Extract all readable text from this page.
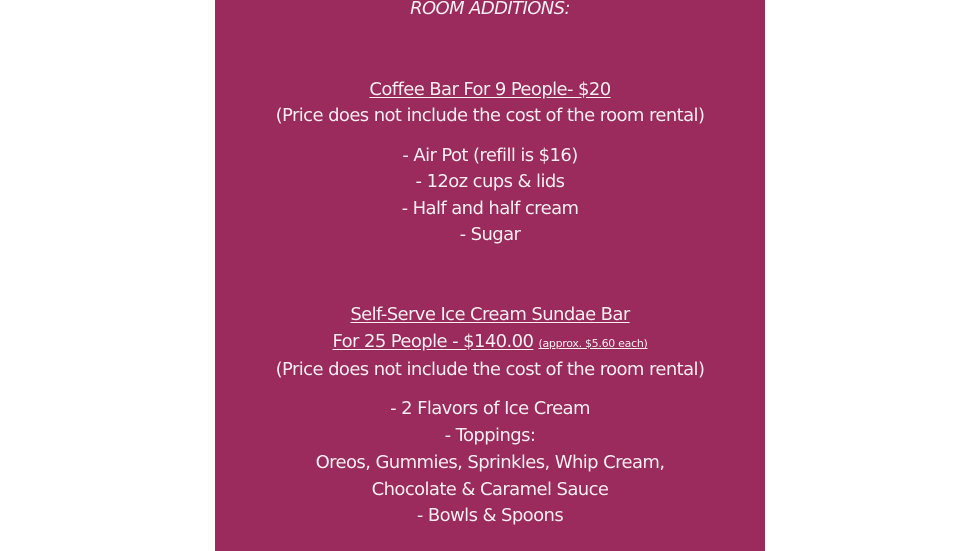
ROOM ADDITIONS:
Coffee Bar For 9 People- $20
(Price does not include the cost of the room rental)
- Air Pot (refill is $16)
- 12oz cups & lids
- Half and half cream
- Sugar
Self-Serve Ice Cream Sundae Bar
For 25 People - $140.00 (approx. $5.60 each)
(Price does not include the cost of the room rental)
- 2 Flavors of Ice Cream
- Toppings:
Oreos, Gummies, Sprinkles, Whip Cream, Chocolate & Caramel Sauce
- Bowls & Spoons
